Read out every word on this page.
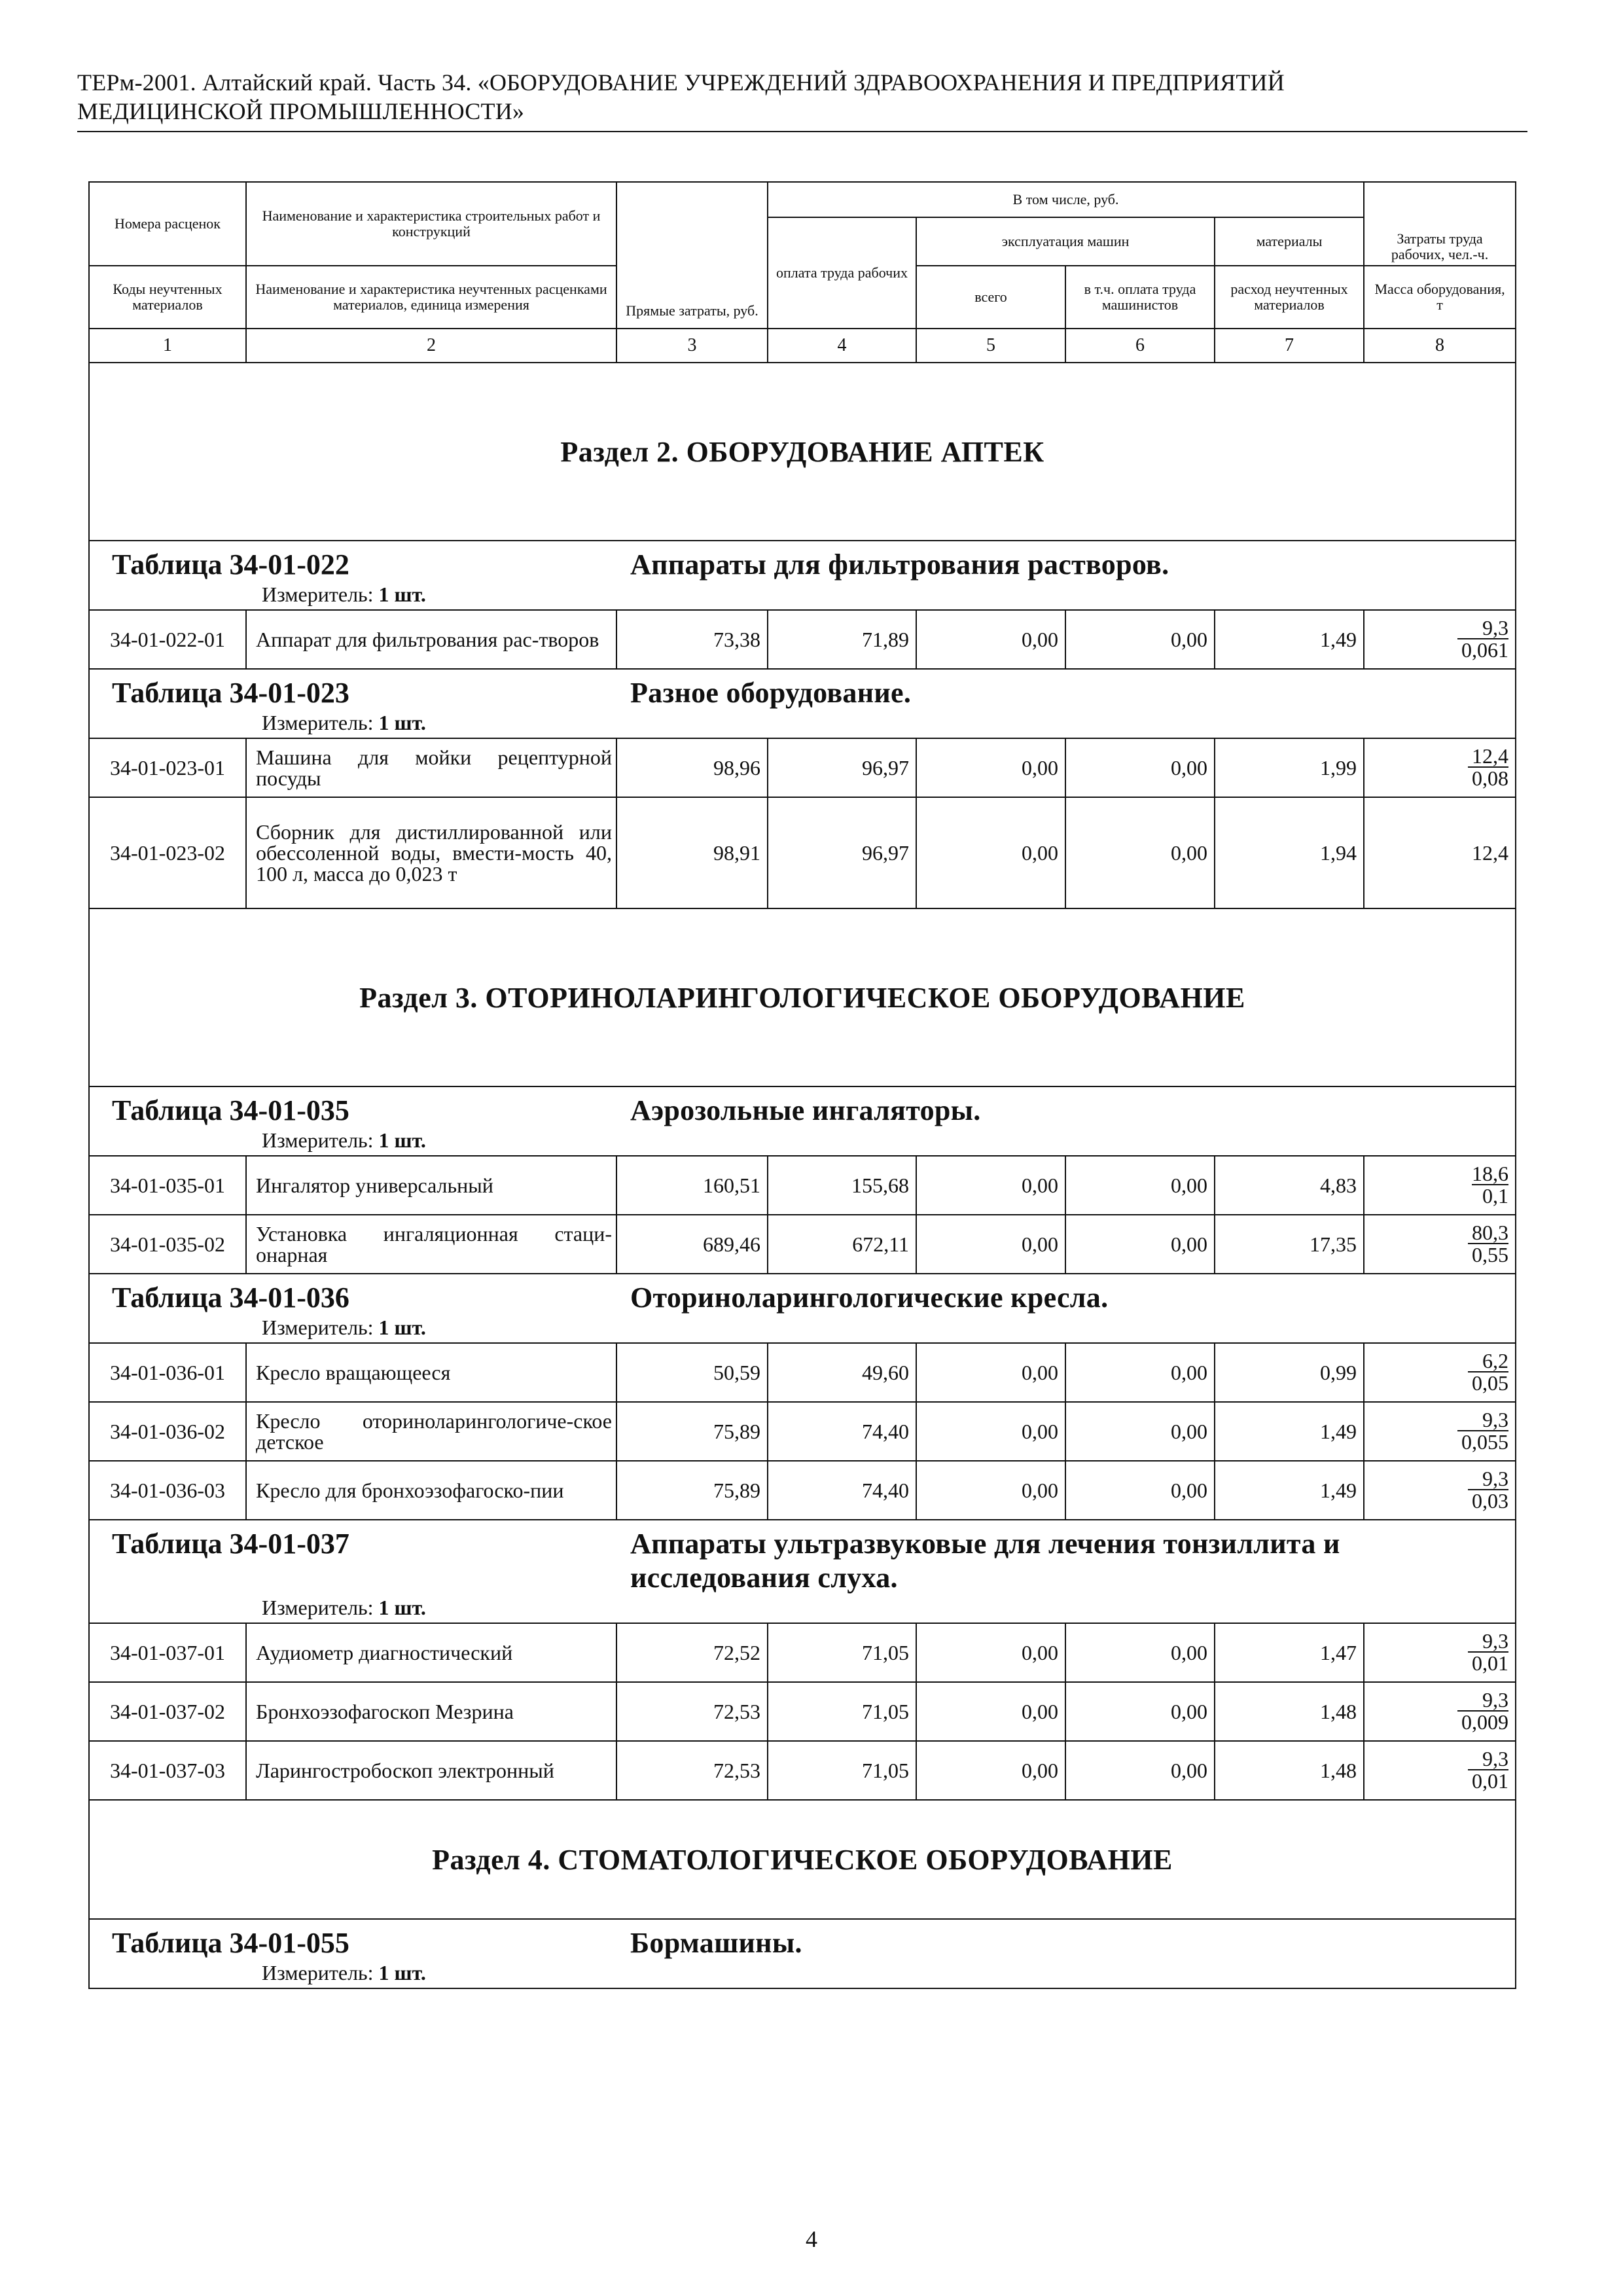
ТЕРм-2001. Алтайский край. Часть 34. «ОБОРУДОВАНИЕ УЧРЕЖДЕНИЙ ЗДРАВООХРАНЕНИЯ И ПРЕДПРИЯТИЙ
МЕДИЦИНСКОЙ ПРОМЫШЛЕННОСТИ»
Номера расценок	Наименование и характеристика строительных работ и конструкций	Прямые затраты, руб.	В том числе, руб.				Затраты труда рабочих, чел.-ч.
			оплата труда рабочих	эксплуатация машин		материалы	
Коды неучтенных материалов	Наименование и характеристика неучтенных расценками материалов, единица измерения			всего	в т.ч. оплата труда машинистов	расход неучтенных материалов	Масса оборудования, т
1	2	3	4	5	6	7	8
Раздел 2. ОБОРУДОВАНИЕ АПТЕК							

Таблица 34-01-022 Аппараты для фильтрования растворов.
Измеритель: 1 шт.							

34-01-022-01	Аппарат для фильтрования рас-творов	73,38	71,89	0,00	0,00	1,49	$\frac{9,3}{0,061}$

Таблица 34-01-023 Разное оборудование.
Измеритель: 1 шт.							

34-01-023-01	Машина для мойки рецептурной посуды	98,96	96,97	0,00	0,00	1,99	$\frac{12,4}{0,08}$

34-01-023-02	Сборник для дистиллированной или обессоленной воды, вмести-мость 40, 100 л, масса до 0,023 т	98,91	96,97	0,00	0,00	1,94	12,4
Раздел 3. ОТОРИНОЛАРИНГОЛОГИЧЕСКОЕ ОБОРУДОВАНИЕ							

Таблица 34-01-035 Аэрозольные ингаляторы.
Измеритель: 1 шт.							

34-01-035-01	Ингалятор универсальный	160,51	155,68	0,00	0,00	4,83	$\frac{18,6}{0,1}$

34-01-035-02	Установка ингаляционная стаци-онарная	689,46	672,11	0,00	0,00	17,35	$\frac{80,3}{0,55}$

Таблица 34-01-036 Оториноларингологические кресла.
Измеритель: 1 шт.							

34-01-036-01	Кресло вращающееся	50,59	49,60	0,00	0,00	0,99	$\frac{6,2}{0,05}$

34-01-036-02	Кресло оториноларингологиче-ское детское	75,89	74,40	0,00	0,00	1,49	$\frac{9,3}{0,055}$

34-01-036-03	Кресло для бронхоэзофагоско-пии	75,89	74,40	0,00	0,00	1,49	$\frac{9,3}{0,03}$

Таблица 34-01-037 Аппараты ультразвуковые для лечения тонзиллита и исследования слуха.
Измеритель: 1 шт.							

34-01-037-01	Аудиометр диагностический	72,52	71,05	0,00	0,00	1,47	$\frac{9,3}{0,01}$

34-01-037-02	Бронхоэзофагоскоп Мезрина	72,53	71,05	0,00	0,00	1,48	$\frac{9,3}{0,009}$

34-01-037-03	Ларингостробоскоп электронный	72,53	71,05	0,00	0,00	1,48	$\frac{9,3}{0,01}$

Раздел 4. СТОМАТОЛОГИЧЕСКОЕ ОБОРУДОВАНИЕ							

Таблица 34-01-055 Бормашины.
Измеритель: 1 шт.							
4
